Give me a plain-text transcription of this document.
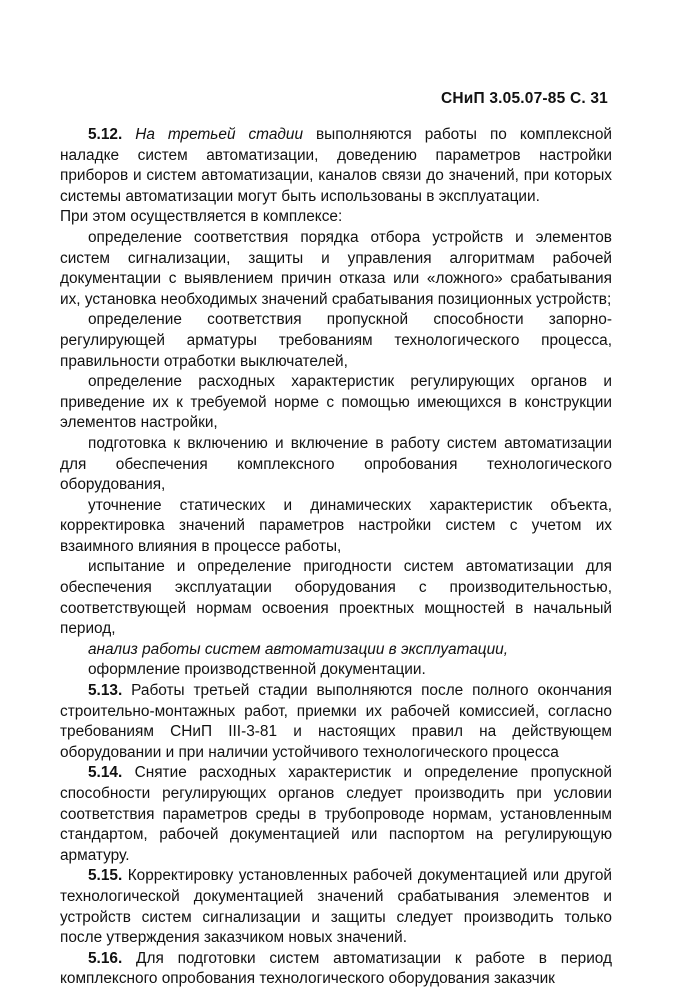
СНиП 3.05.07-85 С. 31

5.12. На третьей стадии выполняются работы по комплексной наладке систем автоматизации, доведению параметров настройки приборов и систем автоматизации, каналов связи до значений, при которых системы автоматизации могут быть использованы в эксплуатации.

При этом осуществляется в комплексе:

определение соответствия порядка отбора устройств и элементов систем сигнализации, защиты и управления алгоритмам рабочей документации с выявлением причин отказа или «ложного» срабатывания их, установка необходимых значений срабатывания позиционных устройств;

определение соответствия пропускной способности запорно-регулирующей арматуры требованиям технологического процесса, правильности отработки выключателей,

определение расходных характеристик регулирующих органов и приведение их к требуемой норме с помощью имеющихся в конструкции элементов настройки,

подготовка к включению и включение в работу систем автоматизации для обеспечения комплексного опробования технологического оборудования,

уточнение статических и динамических характеристик объекта, корректировка значений параметров настройки систем с учетом их взаимного влияния в процессе работы,

испытание и определение пригодности систем автоматизации для обеспечения эксплуатации оборудования с производительностью, соответствующей нормам освоения проектных мощностей в начальный период,

анализ работы систем автоматизации в эксплуатации,

оформление производственной документации.

5.13. Работы третьей стадии выполняются после полного окончания строительно-монтажных работ, приемки их рабочей комиссией, согласно требованиям СНиП III-3-81 и настоящих правил на действующем оборудовании и при наличии устойчивого технологического процесса

5.14. Снятие расходных характеристик и определение пропускной способности регулирующих органов следует производить при условии соответствия параметров среды в трубопроводе нормам, установленным стандартом, рабочей документацией или паспортом на регулирующую арматуру.

5.15. Корректировку установленных рабочей документацией или другой технологической документацией значений срабатывания элементов и устройств систем сигнализации и защиты следует производить только после утверждения заказчиком новых значений.

5.16. Для подготовки систем автоматизации к работе в период комплексного опробования технологического оборудования заказчик
